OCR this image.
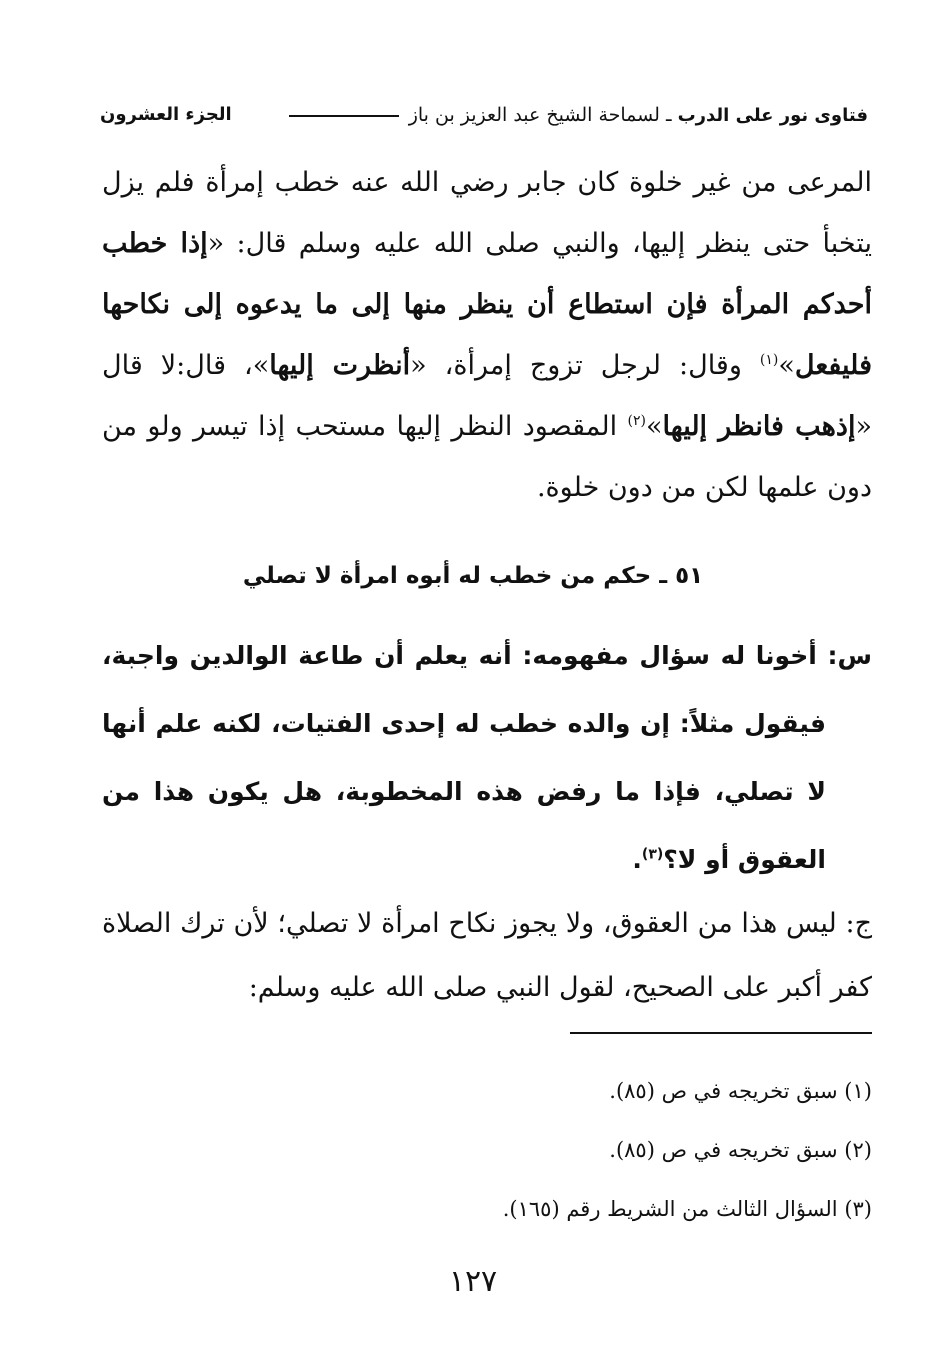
فتاوى نور على الدرب ـ لسماحة الشيخ عبد العزيز بن باز
الجزء العشرون
المرعى من غير خلوة كان جابر رضي الله عنه خطب إمرأة فلم يزل يتخبأ حتى ينظر إليها، والنبي صلى الله عليه وسلم قال: «إذا خطب أحدكم المرأة فإن استطاع أن ينظر منها إلى ما يدعوه إلى نكاحها فليفعل»$^{(١)}$ وقال: لرجل تزوج إمرأة، «أنظرت إليها»، قال:لا قال «إذهب فانظر إليها»$^{(٢)}$ المقصود النظر إليها مستحب إذا تيسر ولو من دون علمها لكن من دون خلوة.
٥١ ـ حكم من خطب له أبوه امرأة لا تصلي
س: أخونا له سؤال مفهومه: أنه يعلم أن طاعة الوالدين واجبة، فيقول مثلاً: إن والده خطب له إحدى الفتيات، لكنه علم أنها لا تصلي، فإذا ما رفض هذه المخطوبة، هل يكون هذا من العقوق أو لا؟$^{(٣)}$.
ج: ليس هذا من العقوق، ولا يجوز نكاح امرأة لا تصلي؛ لأن ترك الصلاة كفر أكبر على الصحيح، لقول النبي صلى الله عليه وسلم:
(١) سبق تخريجه في ص (٨٥).
(٢) سبق تخريجه في ص (٨٥).
(٣) السؤال الثالث من الشريط رقم (١٦٥).
١٢٧
